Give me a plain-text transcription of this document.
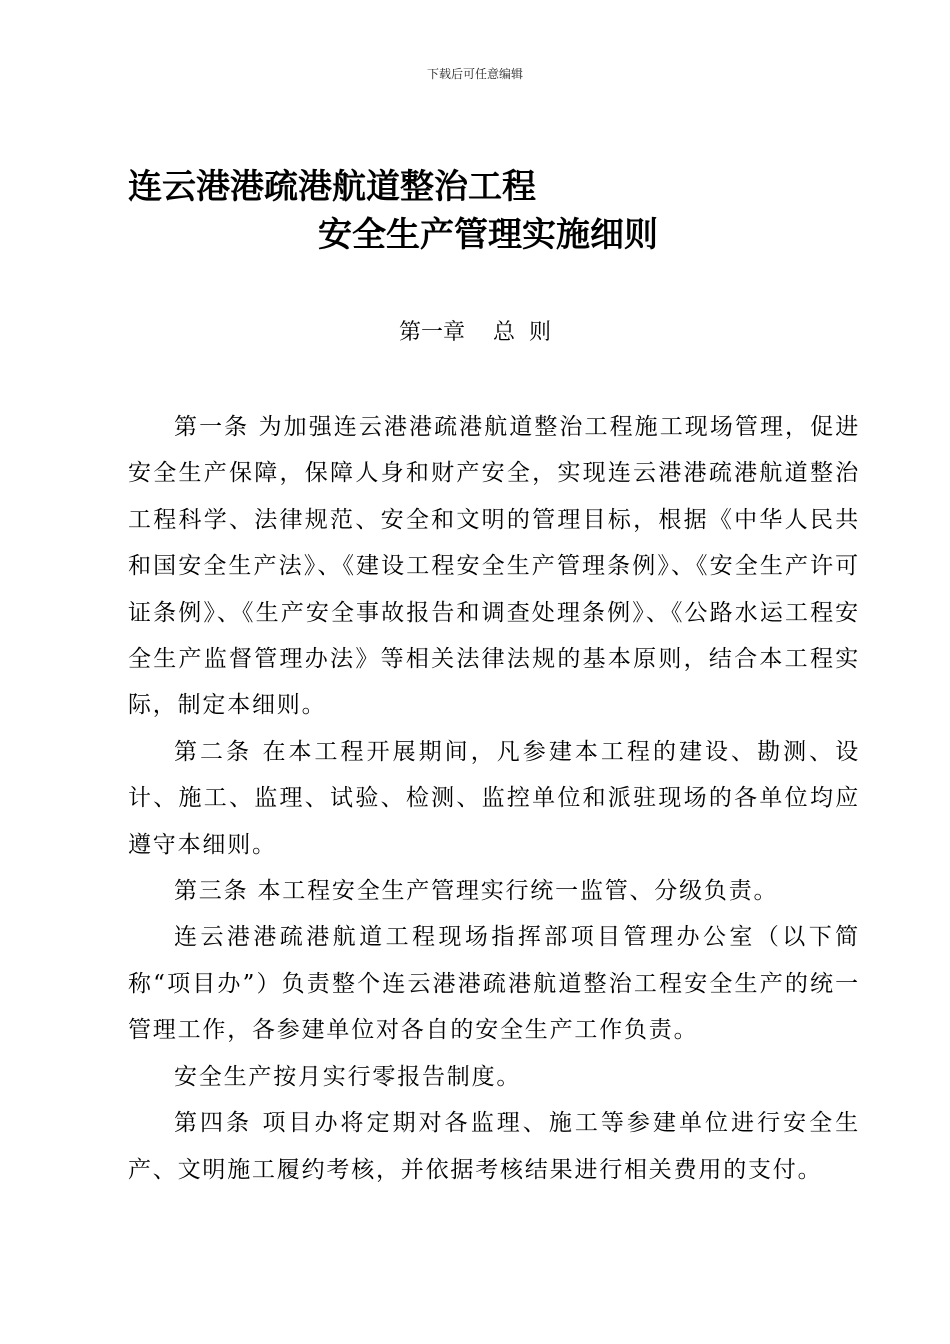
下载后可任意编辑
连云港港疏港航道整治工程
安全生产管理实施细则
第一章    总  则

第一条 为加强连云港港疏港航道整治工程施工现场管理，促进安全生产保障，保障人身和财产安全，实现连云港港疏港航道整治工程科学、法律规范、安全和文明的管理目标，根据《中华人民共和国安全生产法》、《建设工程安全生产管理条例》、《安全生产许可证条例》、《生产安全事故报告和调查处理条例》、《公路水运工程安全生产监督管理办法》等相关法律法规的基本原则，结合本工程实际，制定本细则。

第二条 在本工程开展期间，凡参建本工程的建设、勘测、设计、施工、监理、试验、检测、监控单位和派驻现场的各单位均应遵守本细则。

第三条 本工程安全生产管理实行统一监管、分级负责。

连云港港疏港航道工程现场指挥部项目管理办公室（以下简称“项目办”）负责整个连云港港疏港航道整治工程安全生产的统一管理工作，各参建单位对各自的安全生产工作负责。

安全生产按月实行零报告制度。

第四条 项目办将定期对各监理、施工等参建单位进行安全生产、文明施工履约考核，并依据考核结果进行相关费用的支付。
